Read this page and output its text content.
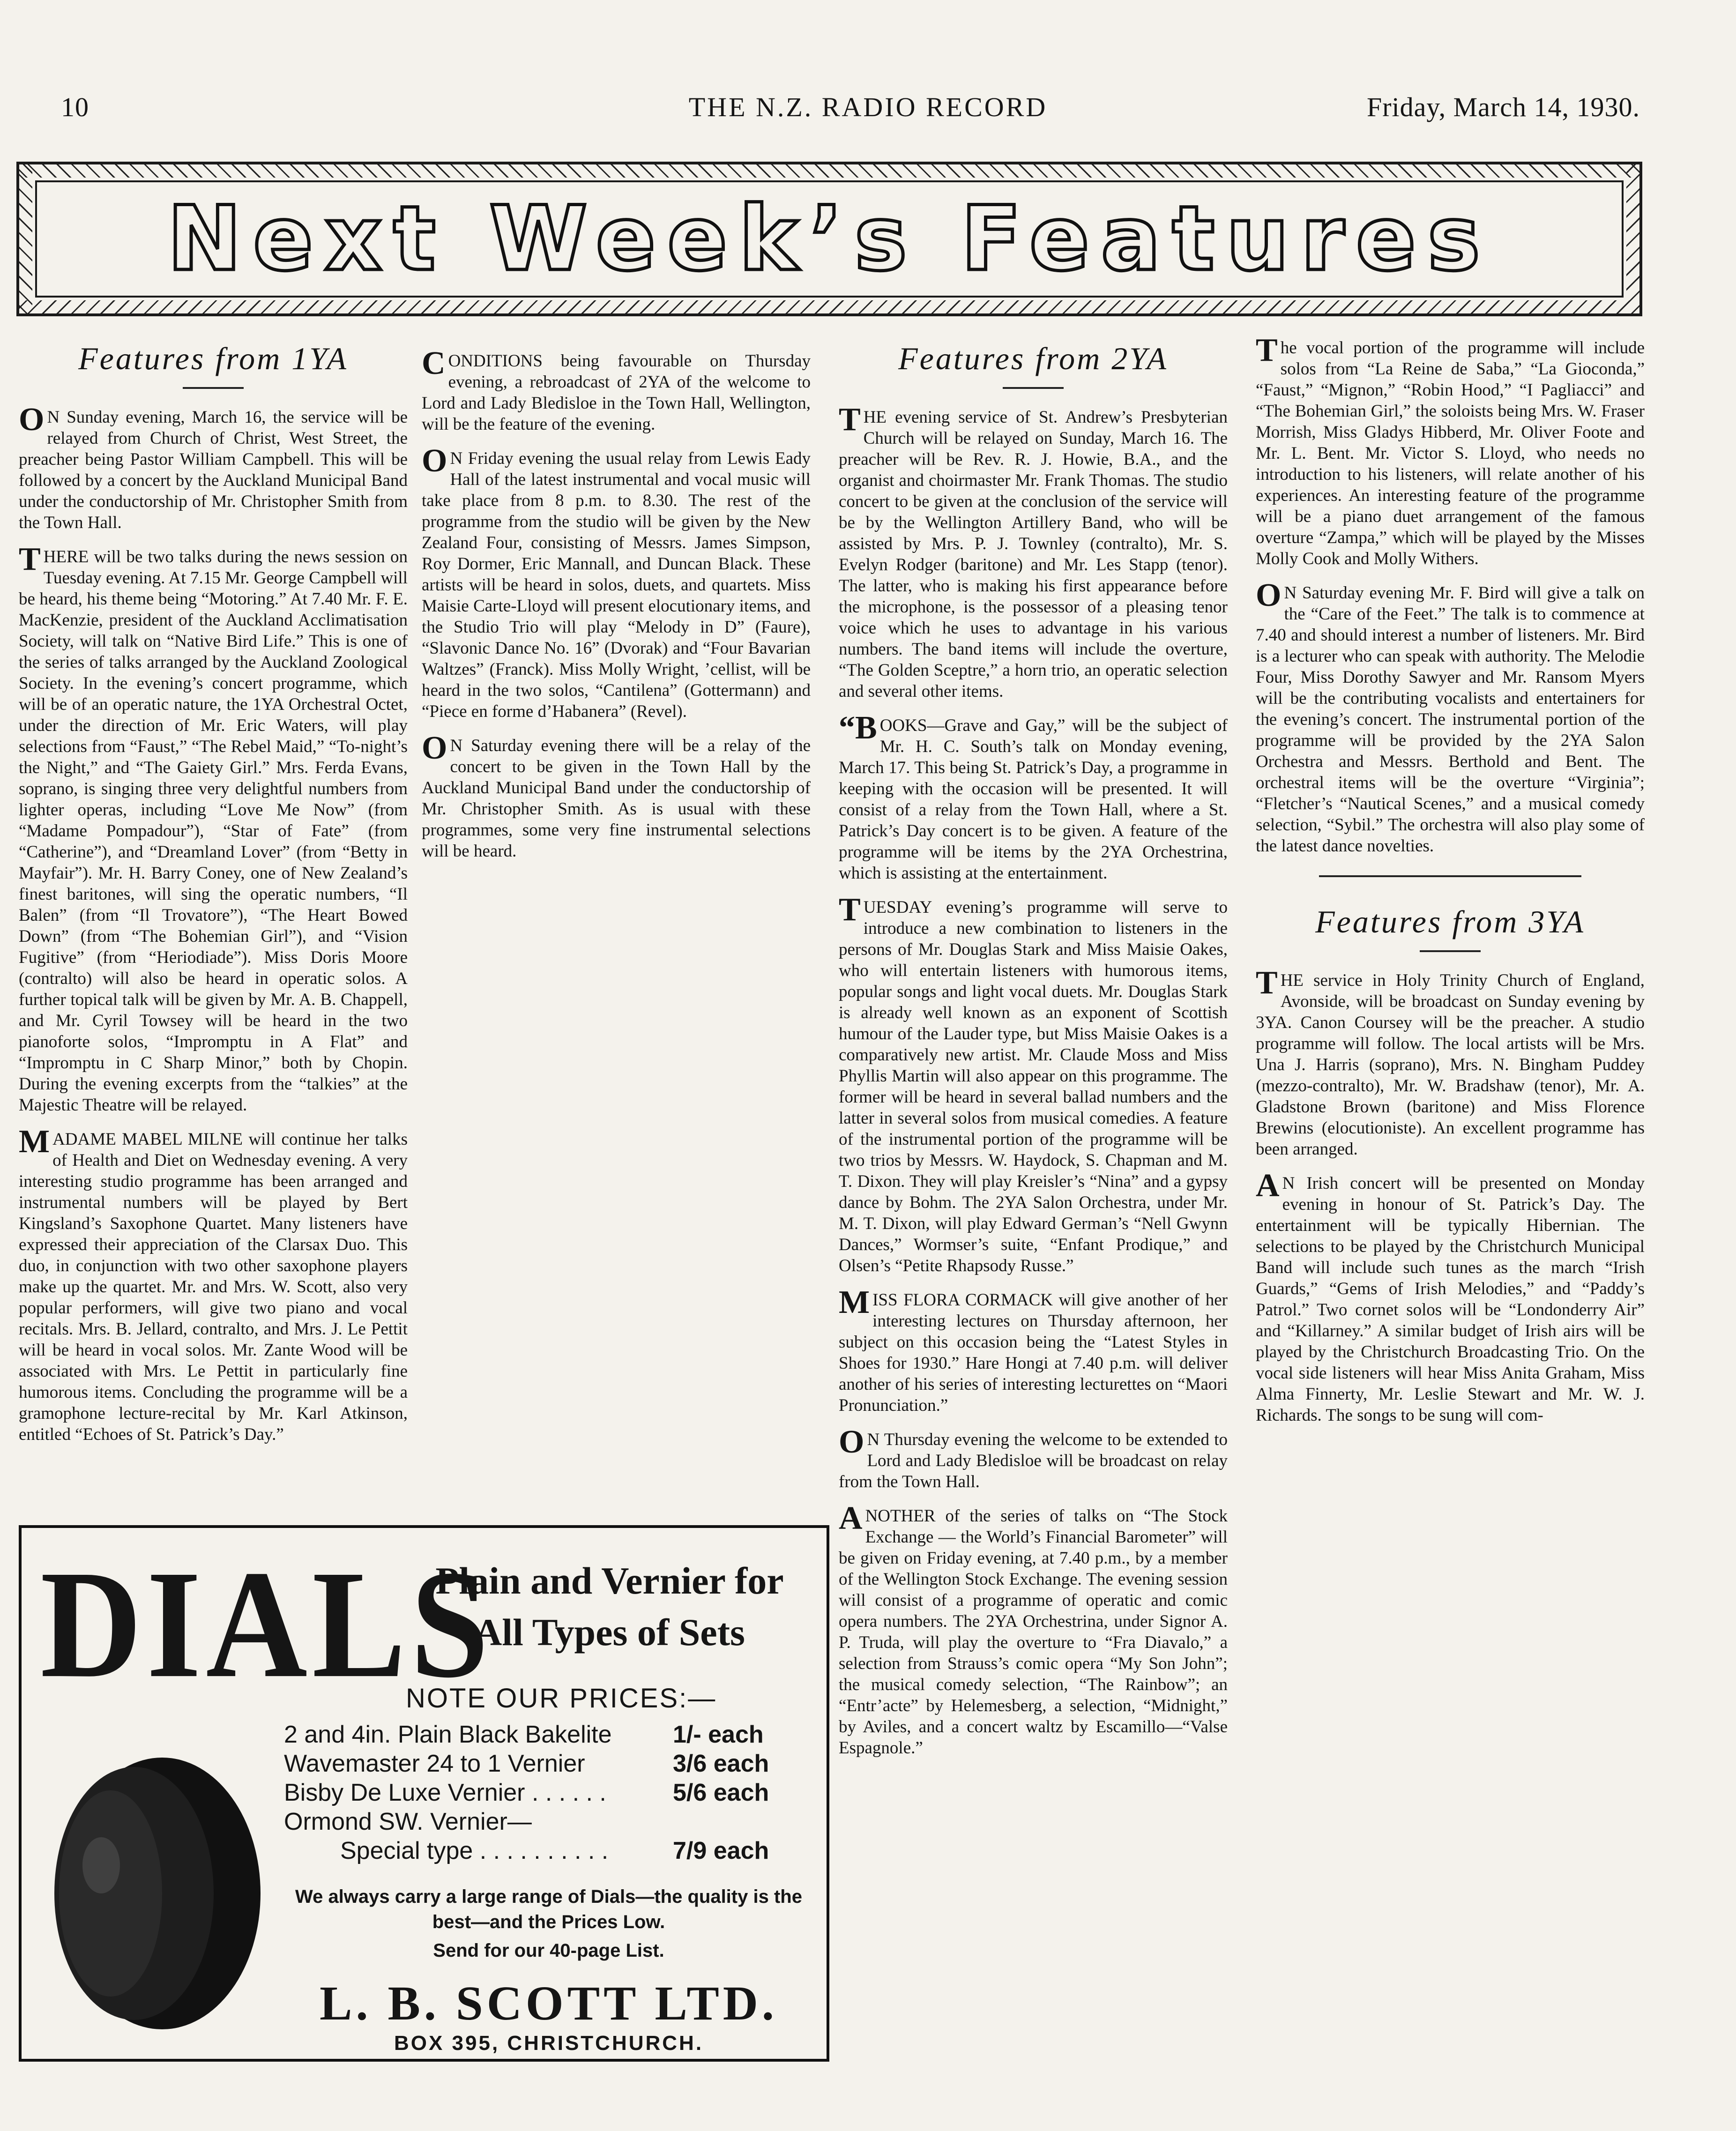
10	THE N.Z. RADIO RECORD	Friday, March 14, 1930.
Next Week’s Features
Features from 1YA

ON Sunday evening, March 16, the service will be relayed from Church of Christ, West Street, the preacher being Pastor William Campbell. This will be followed by a concert by the Auckland Municipal Band under the conductorship of Mr. Christopher Smith from the Town Hall.

THERE will be two talks during the news session on Tuesday evening. At 7.15 Mr. George Campbell will be heard, his theme being “Motoring.” At 7.40 Mr. F. E. MacKenzie, president of the Auckland Acclimatisation Society, will talk on “Native Bird Life.” This is one of the series of talks arranged by the Auckland Zoological Society. In the evening’s concert programme, which will be of an operatic nature, the 1YA Orchestral Octet, under the direction of Mr. Eric Waters, will play selections from “Faust,” “The Rebel Maid,” “To-night’s the Night,” and “The Gaiety Girl.” Mrs. Ferda Evans, soprano, is singing three very delightful numbers from lighter operas, including “Love Me Now” (from “Madame Pompadour”), “Star of Fate” (from “Catherine”), and “Dreamland Lover” (from “Betty in Mayfair”). Mr. H. Barry Coney, one of New Zealand’s finest baritones, will sing the operatic numbers, “Il Balen” (from “Il Trovatore”), “The Heart Bowed Down” (from “The Bohemian Girl”), and “Vision Fugitive” (from “Heriodiade”). Miss Doris Moore (contralto) will also be heard in operatic solos. A further topical talk will be given by Mr. A. B. Chappell, and Mr. Cyril Towsey will be heard in the two pianoforte solos, “Impromptu in A Flat” and “Impromptu in C Sharp Minor,” both by Chopin. During the evening excerpts from the “talkies” at the Majestic Theatre will be relayed.

MADAME MABEL MILNE will continue her talks of Health and Diet on Wednesday evening. A very interesting studio programme has been arranged and instrumental numbers will be played by Bert Kingsland’s Saxophone Quartet. Many listeners have expressed their appreciation of the Clarsax Duo. This duo, in conjunction with two other saxophone players make up the quartet. Mr. and Mrs. W. Scott, also very popular performers, will give two piano and vocal recitals. Mrs. B. Jellard, contralto, and Mrs. J. Le Pettit will be heard in vocal solos. Mr. Zante Wood will be associated with Mrs. Le Pettit in particularly fine humorous items. Concluding the programme will be a gramophone lecture-recital by Mr. Karl Atkinson, entitled “Echoes of St. Patrick’s Day.”

CONDITIONS being favourable on Thursday evening, a rebroadcast of 2YA of the welcome to Lord and Lady Bledisloe in the Town Hall, Wellington, will be the feature of the evening.

ON Friday evening the usual relay from Lewis Eady Hall of the latest instrumental and vocal music will take place from 8 p.m. to 8.30. The rest of the programme from the studio will be given by the New Zealand Four, consisting of Messrs. James Simpson, Roy Dormer, Eric Mannall, and Duncan Black. These artists will be heard in solos, duets, and quartets. Miss Maisie Carte-Lloyd will present elocutionary items, and the Studio Trio will play “Melody in D” (Faure), “Slavonic Dance No. 16” (Dvorak) and “Four Bavarian Waltzes” (Franck). Miss Molly Wright, ’cellist, will be heard in the two solos, “Cantilena” (Gottermann) and “Piece en forme d’Habanera” (Revel).

ON Saturday evening there will be a relay of the concert to be given in the Town Hall by the Auckland Municipal Band under the conductorship of Mr. Christopher Smith. As is usual with these programmes, some very fine instrumental selections will be heard.

Features from 2YA

THE evening service of St. Andrew’s Presbyterian Church will be relayed on Sunday, March 16. The preacher will be Rev. R. J. Howie, B.A., and the organist and choirmaster Mr. Frank Thomas. The studio concert to be given at the conclusion of the service will be by the Wellington Artillery Band, who will be assisted by Mrs. P. J. Townley (contralto), Mr. S. Evelyn Rodger (baritone) and Mr. Les Stapp (tenor). The latter, who is making his first appearance before the microphone, is the possessor of a pleasing tenor voice which he uses to advantage in his various numbers. The band items will include the overture, “The Golden Sceptre,” a horn trio, an operatic selection and several other items.

“BOOKS—Grave and Gay,” will be the subject of Mr. H. C. South’s talk on Monday evening, March 17. This being St. Patrick’s Day, a programme in keeping with the occasion will be presented. It will consist of a relay from the Town Hall, where a St. Patrick’s Day concert is to be given. A feature of the programme will be items by the 2YA Orchestrina, which is assisting at the entertainment.

TUESDAY evening’s programme will serve to introduce a new combination to listeners in the persons of Mr. Douglas Stark and Miss Maisie Oakes, who will entertain listeners with humorous items, popular songs and light vocal duets. Mr. Douglas Stark is already well known as an exponent of Scottish humour of the Lauder type, but Miss Maisie Oakes is a comparatively new artist. Mr. Claude Moss and Miss Phyllis Martin will also appear on this programme. The former will be heard in several ballad numbers and the latter in several solos from musical comedies. A feature of the instrumental portion of the programme will be two trios by Messrs. W. Haydock, S. Chapman and M. T. Dixon. They will play Kreisler’s “Nina” and a gypsy dance by Bohm. The 2YA Salon Orchestra, under Mr. M. T. Dixon, will play Edward German’s “Nell Gwynn Dances,” Wormser’s suite, “Enfant Prodique,” and Olsen’s “Petite Rhapsody Russe.”

MISS FLORA CORMACK will give another of her interesting lectures on Thursday afternoon, her subject on this occasion being the “Latest Styles in Shoes for 1930.” Hare Hongi at 7.40 p.m. will deliver another of his series of interesting lecturettes on “Maori Pronunciation.”

ON Thursday evening the welcome to be extended to Lord and Lady Bledisloe will be broadcast on relay from the Town Hall.

ANOTHER of the series of talks on “The Stock Exchange — the World’s Financial Barometer” will be given on Friday evening, at 7.40 p.m., by a member of the Wellington Stock Exchange. The evening session will consist of a programme of operatic and comic opera numbers. The 2YA Orchestrina, under Signor A. P. Truda, will play the overture to “Fra Diavalo,” a selection from Strauss’s comic opera “My Son John”; the musical comedy selection, “The Rainbow”; an “Entr’acte” by Helemesberg, a selection, “Midnight,” by Aviles, and a concert waltz by Escamillo—“Valse Espagnole.”

The vocal portion of the programme will include solos from “La Reine de Saba,” “La Gioconda,” “Faust,” “Mignon,” “Robin Hood,” “I Pagliacci” and “The Bohemian Girl,” the soloists being Mrs. W. Fraser Morrish, Miss Gladys Hibberd, Mr. Oliver Foote and Mr. L. Bent. Mr. Victor S. Lloyd, who needs no introduction to his listeners, will relate another of his experiences. An interesting feature of the programme will be a piano duet arrangement of the famous overture “Zampa,” which will be played by the Misses Molly Cook and Molly Withers.

ON Saturday evening Mr. F. Bird will give a talk on the “Care of the Feet.” The talk is to commence at 7.40 and should interest a number of listeners. Mr. Bird is a lecturer who can speak with authority. The Melodie Four, Miss Dorothy Sawyer and Mr. Ransom Myers will be the contributing vocalists and entertainers for the evening’s concert. The instrumental portion of the programme will be provided by the 2YA Salon Orchestra and Messrs. Berthold and Bent. The orchestral items will be the overture “Virginia”; “Fletcher’s “Nautical Scenes,” and a musical comedy selection, “Sybil.” The orchestra will also play some of the latest dance novelties.

Features from 3YA

THE service in Holy Trinity Church of England, Avonside, will be broadcast on Sunday evening by 3YA. Canon Coursey will be the preacher. A studio programme will follow. The local artists will be Mrs. Una J. Harris (soprano), Mrs. N. Bingham Puddey (mezzo-contralto), Mr. W. Bradshaw (tenor), Mr. A. Gladstone Brown (baritone) and Miss Florence Brewins (elocutioniste). An excellent programme has been arranged.

AN Irish concert will be presented on Monday evening in honour of St. Patrick’s Day. The entertainment will be typically Hibernian. The selections to be played by the Christchurch Municipal Band will include such tunes as the march “Irish Guards,” “Gems of Irish Melodies,” and “Paddy’s Patrol.” Two cornet solos will be “Londonderry Air” and “Killarney.” A similar budget of Irish airs will be played by the Christchurch Broadcasting Trio. On the vocal side listeners will hear Miss Anita Graham, Miss Alma Finnerty, Mr. Leslie Stewart and Mr. W. J. Richards. The songs to be sung will com-

DIALS
Plain and Vernier for
All Types of Sets
NOTE OUR PRICES:—
2 and 4in. Plain Black Bakelite	1/- each
Wavemaster 24 to 1 Vernier	3/6 each
Bisby De Luxe Vernier . . . . . .	5/6 each
Ormond SW. Vernier—
Special type . . . . . . . . . .	7/9 each
We always carry a large range of Dials—the quality is the best—and the Prices Low.
Send for our 40-page List.
L. B. SCOTT LTD.
BOX 395, CHRISTCHURCH.
